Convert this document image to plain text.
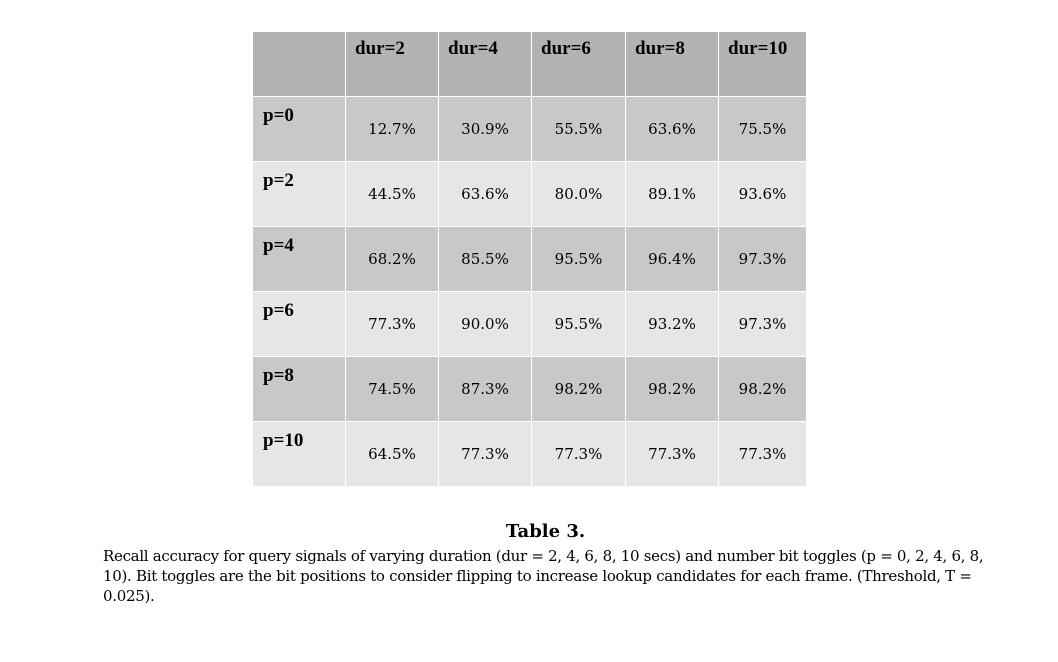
	dur=2	dur=4	dur=6	dur=8	dur=10
p=0	12.7%	30.9%	55.5%	63.6%	75.5%
p=2	44.5%	63.6%	80.0%	89.1%	93.6%
p=4	68.2%	85.5%	95.5%	96.4%	97.3%
p=6	77.3%	90.0%	95.5%	93.2%	97.3%
p=8	74.5%	87.3%	98.2%	98.2%	98.2%
p=10	64.5%	77.3%	77.3%	77.3%	77.3%
Table 3.
Recall accuracy for query signals of varying duration (dur = 2, 4, 6, 8, 10 secs) and number bit toggles (p = 0, 2, 4, 6, 8, 10). Bit toggles are the bit positions to consider flipping to increase lookup candidates for each frame. (Threshold, T = 0.025).
